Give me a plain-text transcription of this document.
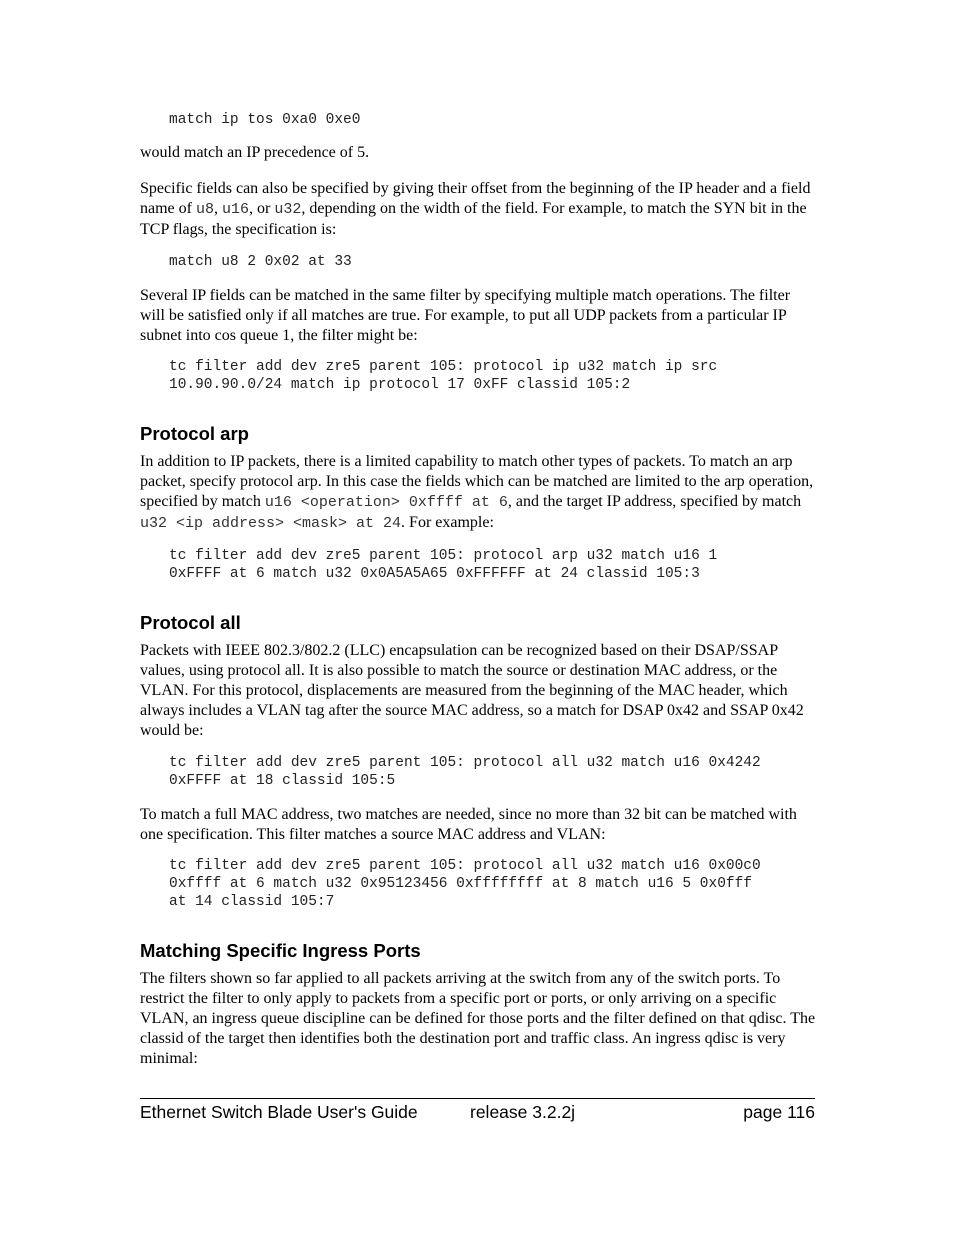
match ip tos 0xa0 0xe0

would match an IP precedence of 5.

Specific fields can also be specified by giving their offset from the beginning of the IP header and a field name of u8, u16, or u32, depending on the width of the field. For example, to match the SYN bit in the TCP flags, the specification is:

match u8 2 0x02 at 33

Several IP fields can be matched in the same filter by specifying multiple match operations. The filter will be satisfied only if all matches are true. For example, to put all UDP packets from a particular IP subnet into cos queue 1, the filter might be:

tc filter add dev zre5 parent 105: protocol ip u32 match ip src
10.90.90.0/24 match ip protocol 17 0xFF classid 105:2
Protocol arp

In addition to IP packets, there is a limited capability to match other types of packets. To match an arp packet, specify protocol arp. In this case the fields which can be matched are limited to the arp operation, specified by match u16 <operation> 0xffff at 6, and the target IP address, specified by match u32 <ip address> <mask> at 24. For example:

tc filter add dev zre5 parent 105: protocol arp u32 match u16 1
0xFFFF at 6 match u32 0x0A5A5A65 0xFFFFFF at 24 classid 105:3
Protocol all

Packets with IEEE 802.3/802.2 (LLC) encapsulation can be recognized based on their DSAP/SSAP values, using protocol all. It is also possible to match the source or destination MAC address, or the VLAN. For this protocol, displacements are measured from the beginning of the MAC header, which always includes a VLAN tag after the source MAC address, so a match for DSAP 0x42 and SSAP 0x42 would be:

tc filter add dev zre5 parent 105: protocol all u32 match u16 0x4242
0xFFFF at 18 classid 105:5

To match a full MAC address, two matches are needed, since no more than 32 bit can be matched with one specification. This filter matches a source MAC address and VLAN:

tc filter add dev zre5 parent 105: protocol all u32 match u16 0x00c0
0xffff at 6 match u32 0x95123456 0xffffffff at 8 match u16 5 0x0fff
at 14 classid 105:7
Matching Specific Ingress Ports

The filters shown so far applied to all packets arriving at the switch from any of the switch ports. To restrict the filter to only apply to packets from a specific port or ports, or only arriving on a specific VLAN, an ingress queue discipline can be defined for those ports and the filter defined on that qdisc. The classid of the target then identifies both the destination port and traffic class. An ingress qdisc is very minimal:

Ethernet Switch Blade User's Guide	release 3.2.2j	page 116
